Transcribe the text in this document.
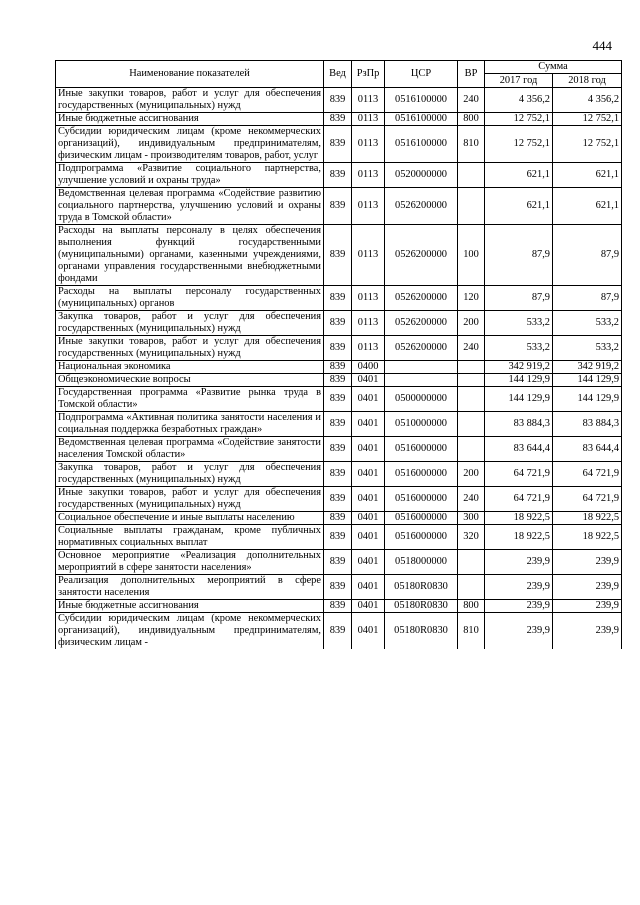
444
Наименование показателей	Вед	РзПр	ЦСР	ВР	Сумма	
					2017 год	2018 год
Иные закупки товаров, работ и услуг для обеспечения государственных (муниципальных) нужд	839	0113	0516100000	240	4 356,2	4 356,2
Иные бюджетные ассигнования	839	0113	0516100000	800	12 752,1	12 752,1
Субсидии юридическим лицам (кроме некоммерческих организаций), индивидуальным предпринимателям, физическим лицам - производителям товаров, работ, услуг	839	0113	0516100000	810	12 752,1	12 752,1
Подпрограмма «Развитие социального партнерства, улучшение условий и охраны труда»	839	0113	0520000000		621,1	621,1
Ведомственная целевая программа «Содействие развитию социального партнерства, улучшению условий и охраны труда в Томской области»	839	0113	0526200000		621,1	621,1
Расходы на выплаты персоналу в целях обеспечения выполнения функций государственными (муниципальными) органами, казенными учреждениями, органами управления государственными внебюджетными фондами	839	0113	0526200000	100	87,9	87,9
Расходы на выплаты персоналу государственных (муниципальных) органов	839	0113	0526200000	120	87,9	87,9
Закупка товаров, работ и услуг для обеспечения государственных (муниципальных) нужд	839	0113	0526200000	200	533,2	533,2
Иные закупки товаров, работ и услуг для обеспечения государственных (муниципальных) нужд	839	0113	0526200000	240	533,2	533,2
Национальная экономика	839	0400			342 919,2	342 919,2
Общеэкономические вопросы	839	0401			144 129,9	144 129,9
Государственная программа «Развитие рынка труда в Томской области»	839	0401	0500000000		144 129,9	144 129,9
Подпрограмма «Активная политика занятости населения и социальная поддержка безработных граждан»	839	0401	0510000000		83 884,3	83 884,3
Ведомственная целевая программа «Содействие занятости населения Томской области»	839	0401	0516000000		83 644,4	83 644,4
Закупка товаров, работ и услуг для обеспечения государственных (муниципальных) нужд	839	0401	0516000000	200	64 721,9	64 721,9
Иные закупки товаров, работ и услуг для обеспечения государственных (муниципальных) нужд	839	0401	0516000000	240	64 721,9	64 721,9
Социальное обеспечение и иные выплаты населению	839	0401	0516000000	300	18 922,5	18 922,5
Социальные выплаты гражданам, кроме публичных нормативных социальных выплат	839	0401	0516000000	320	18 922,5	18 922,5
Основное мероприятие «Реализация дополнительных мероприятий в сфере занятости населения»	839	0401	0518000000		239,9	239,9
Реализация дополнительных мероприятий в сфере занятости населения	839	0401	05180R0830		239,9	239,9
Иные бюджетные ассигнования	839	0401	05180R0830	800	239,9	239,9
Субсидии юридическим лицам (кроме некоммерческих организаций), индивидуальным предпринимателям, физическим лицам -	839	0401	05180R0830	810	239,9	239,9
